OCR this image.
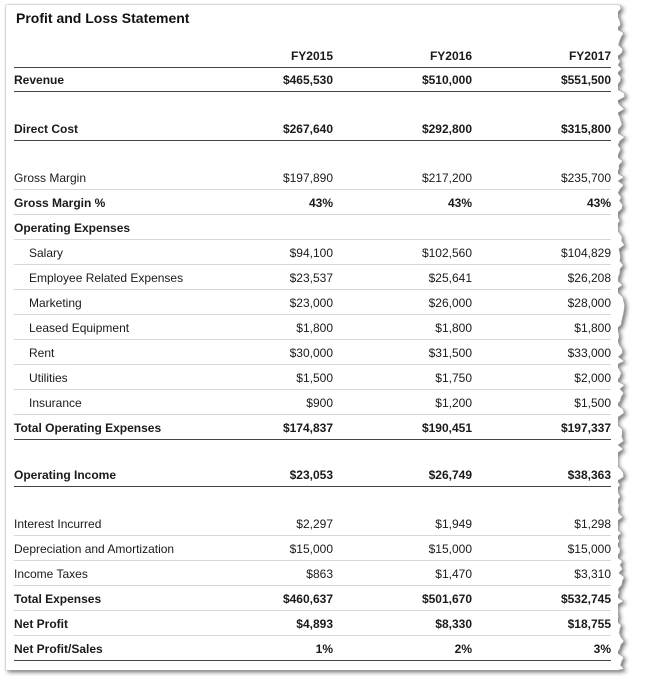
Profit and Loss Statement
FY2015	FY2016	FY2017
Revenue	$465,530	$510,000	$551,500
Direct Cost	$267,640	$292,800	$315,800
Gross Margin	$197,890	$217,200	$235,700
Gross Margin %	43%	43%	43%
Operating Expenses
Salary	$94,100	$102,560	$104,829
Employee Related Expenses	$23,537	$25,641	$26,208
Marketing	$23,000	$26,000	$28,000
Leased Equipment	$1,800	$1,800	$1,800
Rent	$30,000	$31,500	$33,000
Utilities	$1,500	$1,750	$2,000
Insurance	$900	$1,200	$1,500
Total Operating Expenses	$174,837	$190,451	$197,337
Operating Income	$23,053	$26,749	$38,363
Interest Incurred	$2,297	$1,949	$1,298
Depreciation and Amortization	$15,000	$15,000	$15,000
Income Taxes	$863	$1,470	$3,310
Total Expenses	$460,637	$501,670	$532,745
Net Profit	$4,893	$8,330	$18,755
Net Profit/Sales	1%	2%	3%
